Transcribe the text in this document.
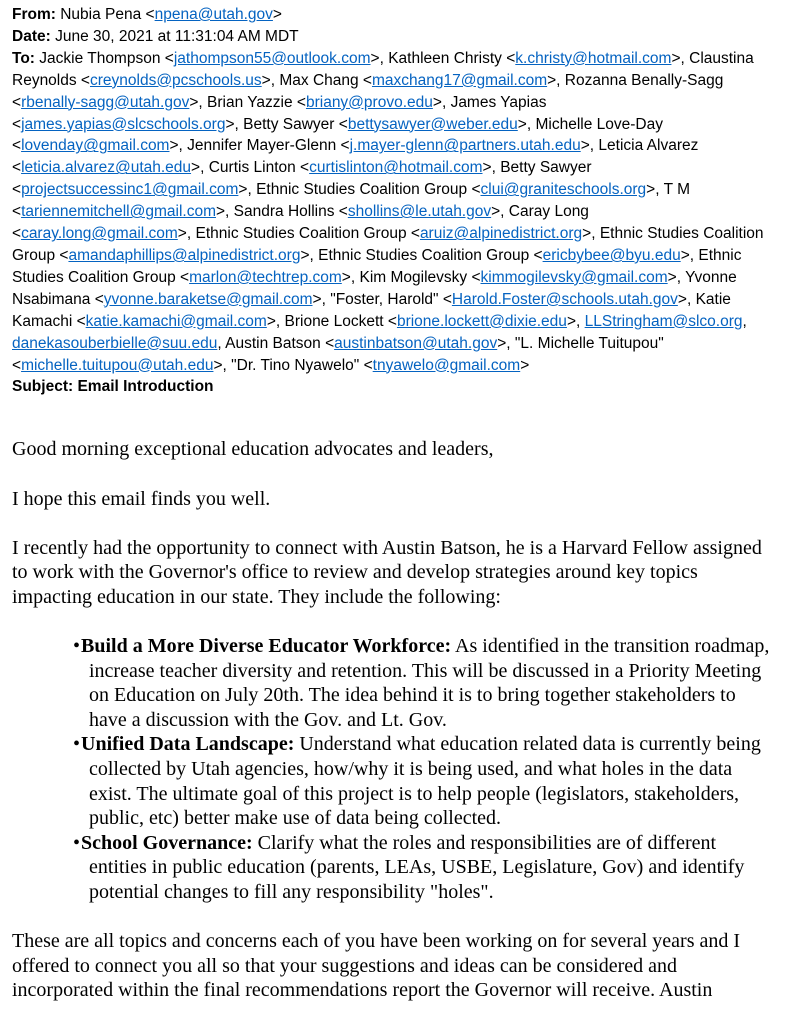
From: Nubia Pena <npena@utah.gov>
Date: June 30, 2021 at 11:31:04 AM MDT
To: Jackie Thompson <jathompson55@outlook.com>, Kathleen Christy <k.christy@hotmail.com>, Claustina Reynolds <creynolds@pcschools.us>, Max Chang <maxchang17@gmail.com>, Rozanna Benally-Sagg <rbenally-sagg@utah.gov>, Brian Yazzie <briany@provo.edu>, James Yapias <james.yapias@slcschools.org>, Betty Sawyer <bettysawyer@weber.edu>, Michelle Love-Day <lovenday@gmail.com>, Jennifer Mayer-Glenn <j.mayer-glenn@partners.utah.edu>, Leticia Alvarez <leticia.alvarez@utah.edu>, Curtis Linton <curtislinton@hotmail.com>, Betty Sawyer <projectsuccessinc1@gmail.com>, Ethnic Studies Coalition Group <clui@graniteschools.org>, T M <tariennemitchell@gmail.com>, Sandra Hollins <shollins@le.utah.gov>, Caray Long <caray.long@gmail.com>, Ethnic Studies Coalition Group <aruiz@alpinedistrict.org>, Ethnic Studies Coalition Group <amandaphillips@alpinedistrict.org>, Ethnic Studies Coalition Group <ericbybee@byu.edu>, Ethnic Studies Coalition Group <marlon@techtrep.com>, Kim Mogilevsky <kimmogilevsky@gmail.com>, Yvonne Nsabimana <yvonne.baraketse@gmail.com>, "Foster, Harold" <Harold.Foster@schools.utah.gov>, Katie Kamachi <katie.kamachi@gmail.com>, Brione Lockett <brione.lockett@dixie.edu>, LLStringham@slco.org, danekasouberbielle@suu.edu, Austin Batson <austinbatson@utah.gov>, "L. Michelle Tuitupou" <michelle.tuitupou@utah.edu>, "Dr. Tino Nyawelo" <tnyawelo@gmail.com>
Subject: Email Introduction

Good morning exceptional education advocates and leaders,

I hope this email finds you well.

I recently had the opportunity to connect with Austin Batson, he is a Harvard Fellow assigned to work with the Governor's office to review and develop strategies around key topics impacting education in our state. They include the following:

•Build a More Diverse Educator Workforce: As identified in the transition roadmap, increase teacher diversity and retention. This will be discussed in a Priority Meeting on Education on July 20th. The idea behind it is to bring together stakeholders to have a discussion with the Gov. and Lt. Gov.
•Unified Data Landscape: Understand what education related data is currently being collected by Utah agencies, how/why it is being used, and what holes in the data exist. The ultimate goal of this project is to help people (legislators, stakeholders, public, etc) better make use of data being collected.
•School Governance: Clarify what the roles and responsibilities are of different entities in public education (parents, LEAs, USBE, Legislature, Gov) and identify potential changes to fill any responsibility "holes".

These are all topics and concerns each of you have been working on for several years and I offered to connect you all so that your suggestions and ideas can be considered and incorporated within the final recommendations report the Governor will receive. Austin
